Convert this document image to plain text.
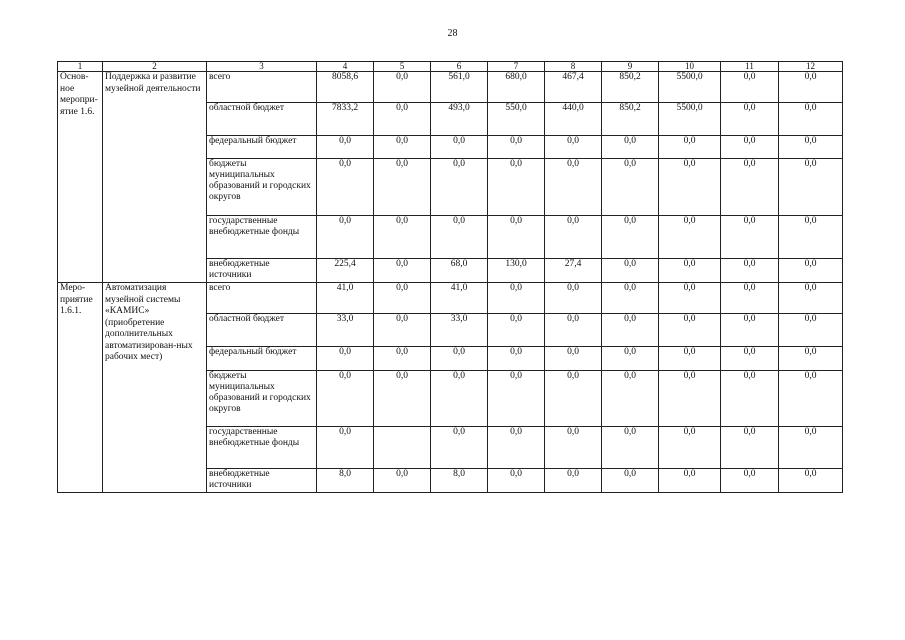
28
1	2	3	4	5	6	7	8	9	10	11	12
Основ-ное меропри-ятие 1.6.	Поддержка и развитие музейной деятельности	всего	8058,6	0,0	561,0	680,0	467,4	850,2	5500,0	0,0	0,0
		областной бюджет	7833,2	0,0	493,0	550,0	440,0	850,2	5500,0	0,0	0,0
		федеральный бюджет	0,0	0,0	0,0	0,0	0,0	0,0	0,0	0,0	0,0
		бюджеты муниципальных образований и городских округов	0,0	0,0	0,0	0,0	0,0	0,0	0,0	0,0	0,0
		государственные внебюджетные фонды	0,0	0,0	0,0	0,0	0,0	0,0	0,0	0,0	0,0
		внебюджетные источники	225,4	0,0	68,0	130,0	27,4	0,0	0,0	0,0	0,0
Меро-приятие 1.6.1.	Автоматизация музейной системы «КАМИС» (приобретение дополнительных автоматизирован-ных рабочих мест)	всего	41,0	0,0	41,0	0,0	0,0	0,0	0,0	0,0	0,0
		областной бюджет	33,0	0,0	33,0	0,0	0,0	0,0	0,0	0,0	0,0
		федеральный бюджет	0,0	0,0	0,0	0,0	0,0	0,0	0,0	0,0	0,0
		бюджеты муниципальных образований и городских округов	0,0	0,0	0,0	0,0	0,0	0,0	0,0	0,0	0,0
		государственные внебюджетные фонды	0,0		0,0	0,0	0,0	0,0	0,0	0,0	0,0
		внебюджетные источники	8,0	0,0	8,0	0,0	0,0	0,0	0,0	0,0	0,0
